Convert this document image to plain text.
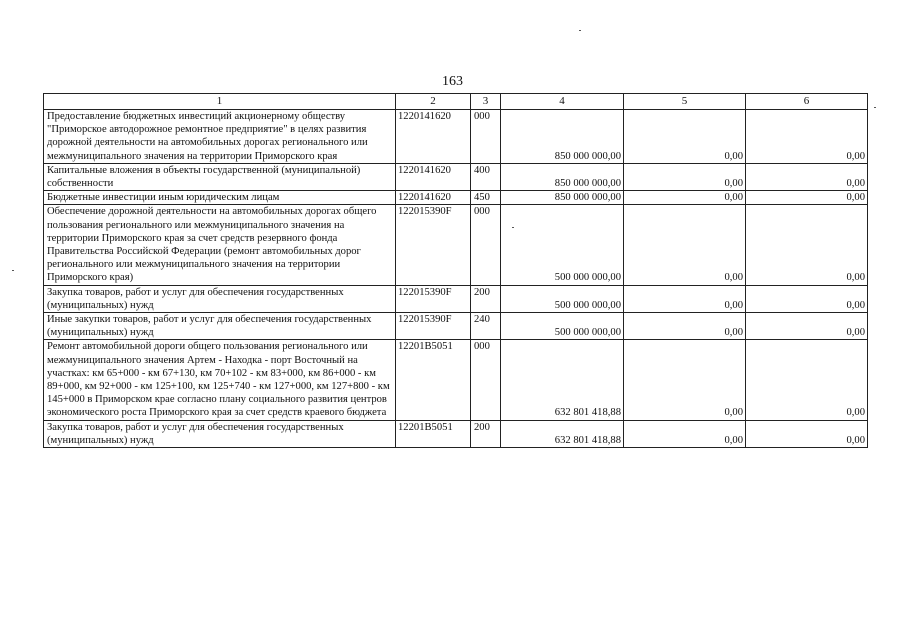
163
1	2	3	4	5	6
Предоставление бюджетных инвестиций акционерному обществу "Приморское автодорожное ремонтное предприятие" в целях развития дорожной деятельности на автомобильных дорогах регионального или межмуниципального значения на территории Приморского края	1220141620	000	850 000 000,00	0,00	0,00
Капитальные вложения в объекты государственной (муниципальной) собственности	1220141620	400	850 000 000,00	0,00	0,00
Бюджетные инвестиции иным юридическим лицам	1220141620	450	850 000 000,00	0,00	0,00
Обеспечение дорожной деятельности на автомобильных дорогах общего пользования регионального или межмуниципального значения на территории Приморского края за счет средств резервного фонда Правительства Российской Федерации (ремонт автомобильных дорог регионального или межмуниципального значения на территории Приморского края)	122015390F	000	500 000 000,00	0,00	0,00
Закупка товаров, работ и услуг для обеспечения государственных (муниципальных) нужд	122015390F	200	500 000 000,00	0,00	0,00
Иные закупки товаров, работ и услуг для обеспечения государственных (муниципальных) нужд	122015390F	240	500 000 000,00	0,00	0,00
Ремонт автомобильной дороги общего пользования регионального или межмуниципального значения Артем - Находка - порт Восточный на участках: км 65+000 - км 67+130, км 70+102 - км 83+000, км 86+000 - км 89+000, км 92+000 - км 125+100, км 125+740 - км 127+000, км 127+800 - км 145+000 в Приморском крае согласно плану социального развития центров экономического роста Приморского края за счет средств краевого бюджета	12201В5051	000	632 801 418,88	0,00	0,00
Закупка товаров, работ и услуг для обеспечения государственных (муниципальных) нужд	12201В5051	200	632 801 418,88	0,00	0,00
